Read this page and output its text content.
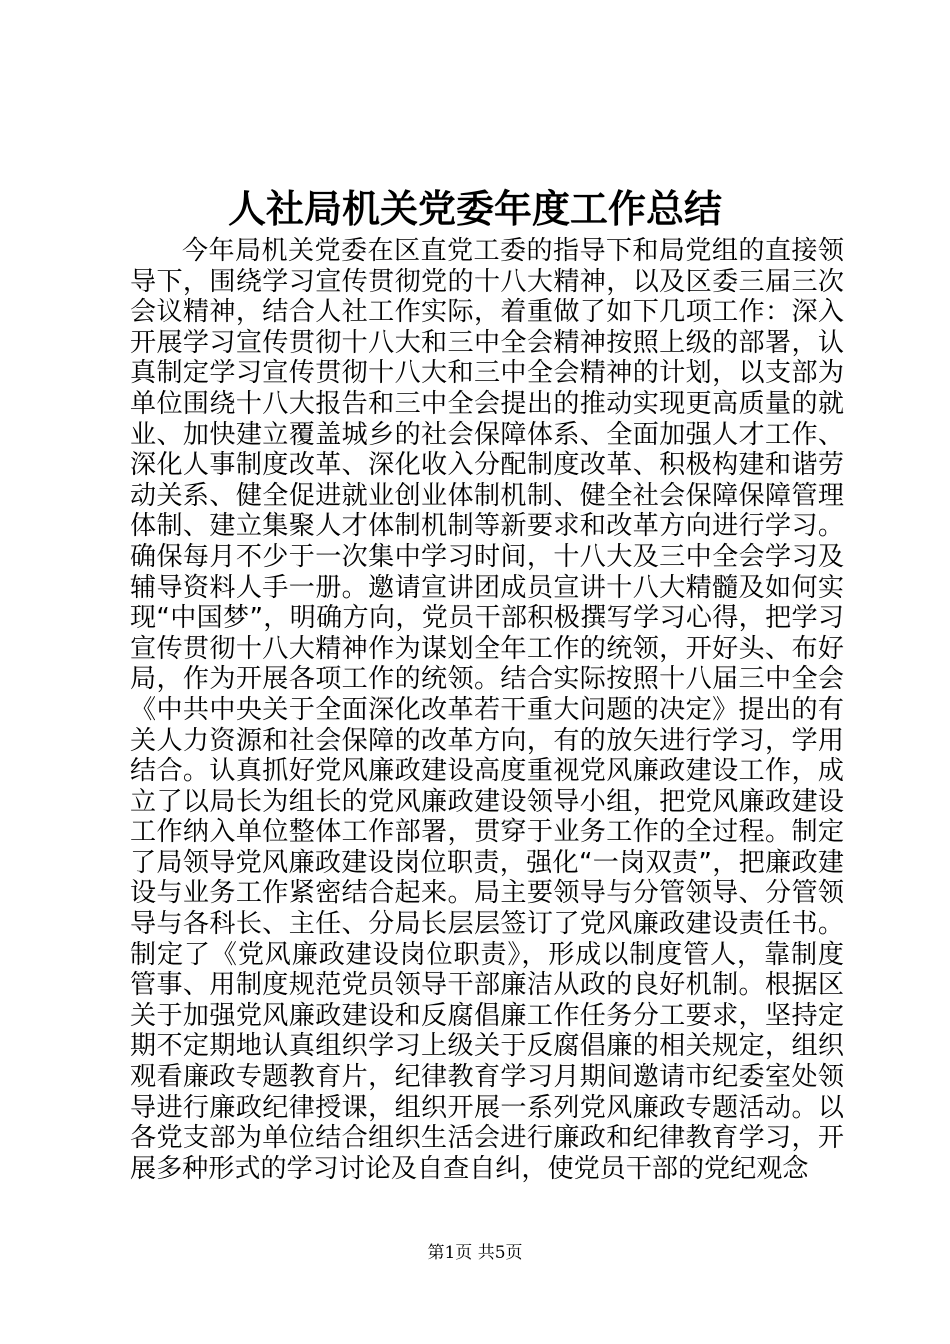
人社局机关党委年度工作总结

今年局机关党委在区直党工委的指导下和局党组的直接领导下，围绕学习宣传贯彻党的十八大精神，以及区委三届三次会议精神，结合人社工作实际，着重做了如下几项工作：深入开展学习宣传贯彻十八大和三中全会精神按照上级的部署，认真制定学习宣传贯彻十八大和三中全会精神的计划，以支部为单位围绕十八大报告和三中全会提出的推动实现更高质量的就业、加快建立覆盖城乡的社会保障体系、全面加强人才工作、深化人事制度改革、深化收入分配制度改革、积极构建和谐劳动关系、健全促进就业创业体制机制、健全社会保障保障管理体制、建立集聚人才体制机制等新要求和改革方向进行学习。确保每月不少于一次集中学习时间，十八大及三中全会学习及辅导资料人手一册。邀请宣讲团成员宣讲十八大精髓及如何实现“中国梦”，明确方向，党员干部积极撰写学习心得，把学习宣传贯彻十八大精神作为谋划全年工作的统领，开好头、布好局，作为开展各项工作的统领。结合实际按照十八届三中全会《中共中央关于全面深化改革若干重大问题的决定》提出的有关人力资源和社会保障的改革方向，有的放矢进行学习，学用结合。认真抓好党风廉政建设高度重视党风廉政建设工作，成立了以局长为组长的党风廉政建设领导小组，把党风廉政建设工作纳入单位整体工作部署，贯穿于业务工作的全过程。制定了局领导党风廉政建设岗位职责，强化“一岗双责”，把廉政建设与业务工作紧密结合起来。局主要领导与分管领导、分管领导与各科长、主任、分局长层层签订了党风廉政建设责任书。制定了《党风廉政建设岗位职责》，形成以制度管人，靠制度管事、用制度规范党员领导干部廉洁从政的良好机制。根据区关于加强党风廉政建设和反腐倡廉工作任务分工要求，坚持定期不定期地认真组织学习上级关于反腐倡廉的相关规定，组织观看廉政专题教育片，纪律教育学习月期间邀请市纪委室处领导进行廉政纪律授课，组织开展一系列党风廉政专题活动。以各党支部为单位结合组织生活会进行廉政和纪律教育学习，开展多种形式的学习讨论及自查自纠，使党员干部的党纪观念

第1页 共5页
